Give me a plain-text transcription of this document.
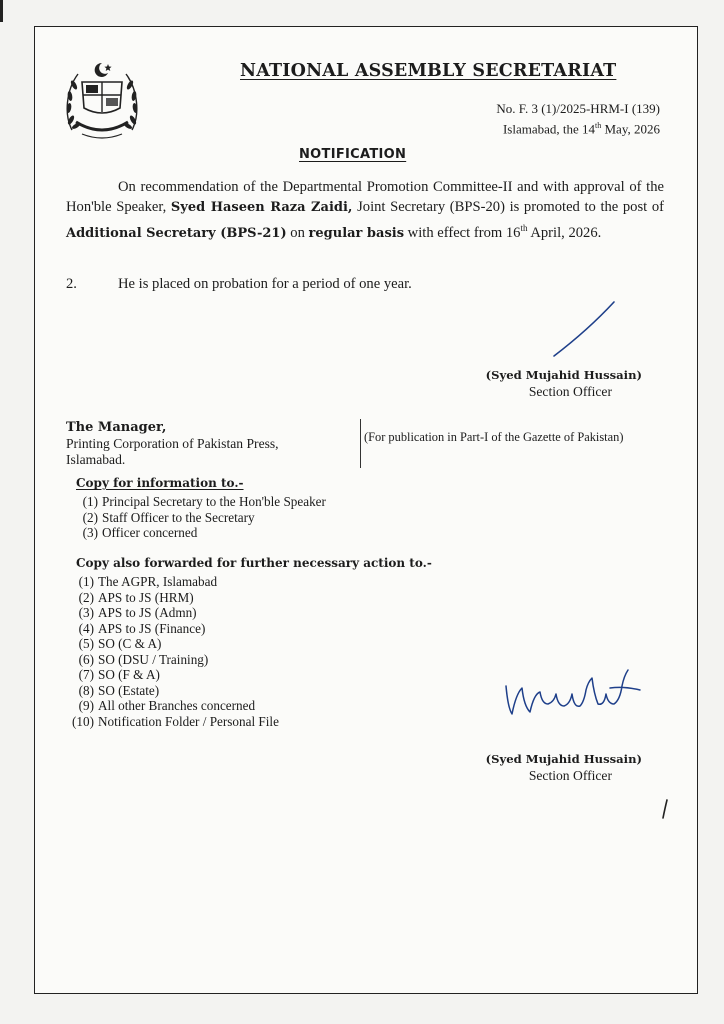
NATIONAL ASSEMBLY SECRETARIAT
No. F. 3 (1)/2025-HRM-I (139)
Islamabad, the 14th May, 2026
NOTIFICATION
On recommendation of the Departmental Promotion Committee-II and with approval of the Hon'ble Speaker, Syed Haseen Raza Zaidi, Joint Secretary (BPS-20) is promoted to the post of Additional Secretary (BPS-21) on regular basis with effect from 16th April, 2026.
2.	He is placed on probation for a period of one year.
(Syed Mujahid Hussain)
Section Officer
The Manager,
Printing Corporation of Pakistan Press,
Islamabad.
(For publication in Part-I of the Gazette of Pakistan)
Copy for information to.-
(1) Principal Secretary to the Hon'ble Speaker
(2) Staff Officer to the Secretary
(3) Officer concerned
Copy also forwarded for further necessary action to.-
(1) The AGPR, Islamabad
(2) APS to JS (HRM)
(3) APS to JS (Admn)
(4) APS to JS (Finance)
(5) SO (C & A)
(6) SO (DSU / Training)
(7) SO (F & A)
(8) SO (Estate)
(9) All other Branches concerned
(10) Notification Folder / Personal File
(Syed Mujahid Hussain)
Section Officer
